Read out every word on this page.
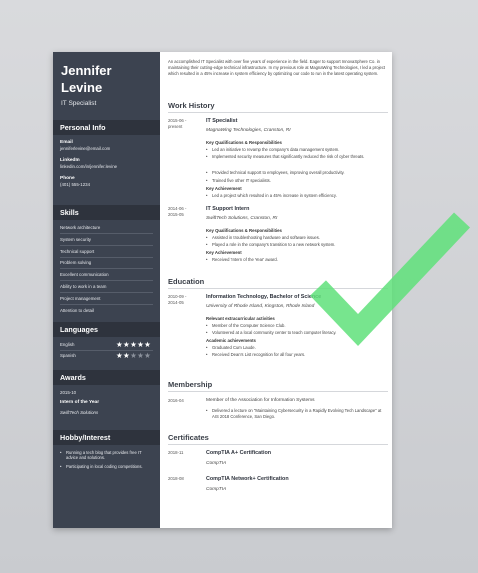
Jennifer
Levine
IT Specialist
Personal Info
Email
jenniferlevine@email.com
LinkedIn
linkedin.com/in/jennifer.levine
Phone
(401) 555-1234
Skills
Network architecture
System security
Technical support
Problem solving
Excellent communication
Ability to work in a team
Project management
Attention to detail
Languages
English	★★★★★
Spanish	★★★★★
Awards
2015-10
Intern of the Year
SwiftTech Solutions
Hobby/Interest
•	Running a tech blog that provides free IT advice and solutions.
•	Participating in local coding competitions.
An accomplished IT Specialist with over five years of experience in the field. Eager to support InnovaSphere Co. in maintaining their cutting-edge technical infrastructure. In my previous role at MagnaWing Technologies, I led a project which resulted in a 45% increase in system efficiency by optimizing our code to run in the latest operating system.
Work History
2015-06 - present
IT Specialist
MagnaWing Technologies, Cranston, RI
Key Qualifications & Responsibilities
•	Led an initiative to revamp the company's data management system.
•	Implemented security measures that significantly reduced the risk of cyber threats.
•	Provided technical support to employees, improving overall productivity.
•	Trained five other IT specialists.
Key Achievement
•	Led a project which resulted in a 45% increase in system efficiency.
2014-06 - 2015-05
IT Support Intern
SwiftTech Solutions, Cranston, RI
Key Qualifications & Responsibilities
•	Assisted in troubleshooting hardware and software issues.
•	Played a role in the company's transition to a new network system.
Key Achievement
•	Received 'Intern of the Year' award.
Education
2010-09 - 2014-05
Information Technology, Bachelor of Science
University of Rhode Island, Kingston, Rhode Island
Relevant extracurricular activities
•	Member of the Computer Science Club.
•	Volunteered at a local community center to teach computer literacy.
Academic achievements
•	Graduated Cum Laude.
•	Received Dean's List recognition for all four years.
Membership
2016-04	Member of the Association for Information Systems
•	Delivered a lecture on "Maintaining Cybersecurity in a Rapidly Evolving Tech Landscape" at AIS 2018 Conference, San Diego.
Certificates
2018-11	CompTIA A+ Certification
CompTIA
2018-08	CompTIA Network+ Certification
CompTIA
